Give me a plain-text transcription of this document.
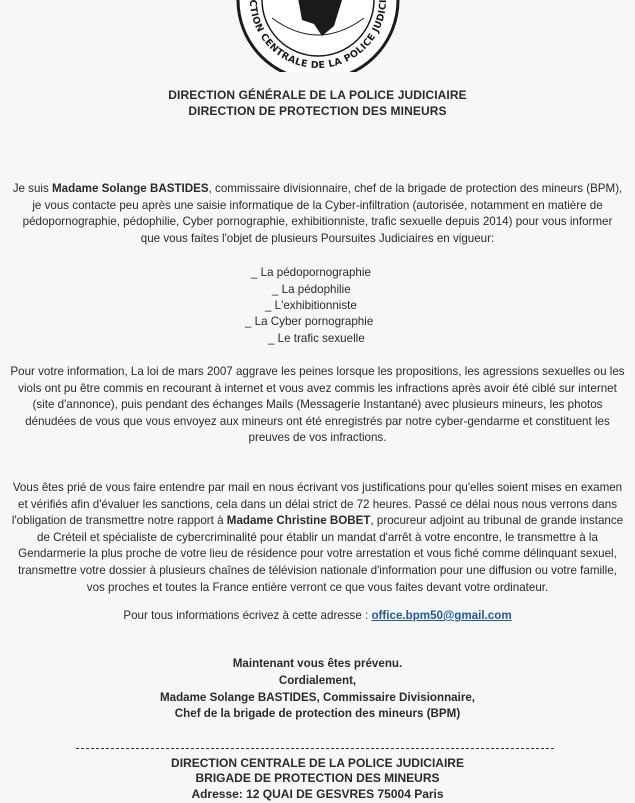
CTION CENTRALE DE LA POLICE JUDICI
DIRECTION GÉNÉRALE DE LA POLICE JUDICIAIRE
DIRECTION DE PROTECTION DES MINEURS

Je suis Madame Solange BASTIDES, commissaire divisionnaire, chef de la brigade de protection des mineurs (BPM), je vous contacte peu après une saisie informatique de la Cyber-infiltration (autorisée, notamment en matière de pédopornographie, pédophilie, Cyber pornographie, exhibitionniste, trafic sexuelle depuis 2014) pour vous informer que vous faites l'objet de plusieurs Poursuites Judiciaires en vigueur:

_ La pédopornographie
_ La pédophilie
_ L'exhibitionniste
_ La Cyber pornographie
_ Le trafic sexuelle

Pour votre information, La loi de mars 2007 aggrave les peines lorsque les propositions, les agressions sexuelles ou les viols ont pu être commis en recourant à internet et vous avez commis les infractions après avoir été ciblé sur internet (site d'annonce), puis pendant des échanges Mails (Messagerie Instantané) avec plusieurs mineurs, les photos dénudées de vous que vous envoyez aux mineurs ont été enregistrés par notre cyber-gendarme et constituent les preuves de vos infractions.

Vous êtes prié de vous faire entendre par mail en nous écrivant vos justifications pour qu'elles soient mises en examen et vérifiés afin d'évaluer les sanctions, cela dans un délai strict de 72 heures. Passé ce délai nous nous verrons dans l'obligation de transmettre notre rapport à Madame Christine BOBET, procureur adjoint au tribunal de grande instance de Créteil et spécialiste de cybercriminalité pour établir un mandat d'arrêt à votre encontre, le transmettre à la Gendarmerie la plus proche de votre lieu de résidence pour votre arrestation et vous fiché comme délinquant sexuel, transmettre votre dossier à plusieurs chaînes de télévision nationale d'information pour une diffusion ou votre famille, vos proches et toutes la France entière verront ce que vous faites devant votre ordinateur.

Pour tous informations écrivez à cette adresse : office.bpm50@gmail.com
Maintenant vous êtes prévenu.
Cordialement,
Madame Solange BASTIDES, Commissaire Divisionnaire,
Chef de la brigade de protection des mineurs (BPM)
DIRECTION CENTRALE DE LA POLICE JUDICIAIRE
BRIGADE DE PROTECTION DES MINEURS
Adresse: 12 QUAI DE GESVRES 75004 Paris
